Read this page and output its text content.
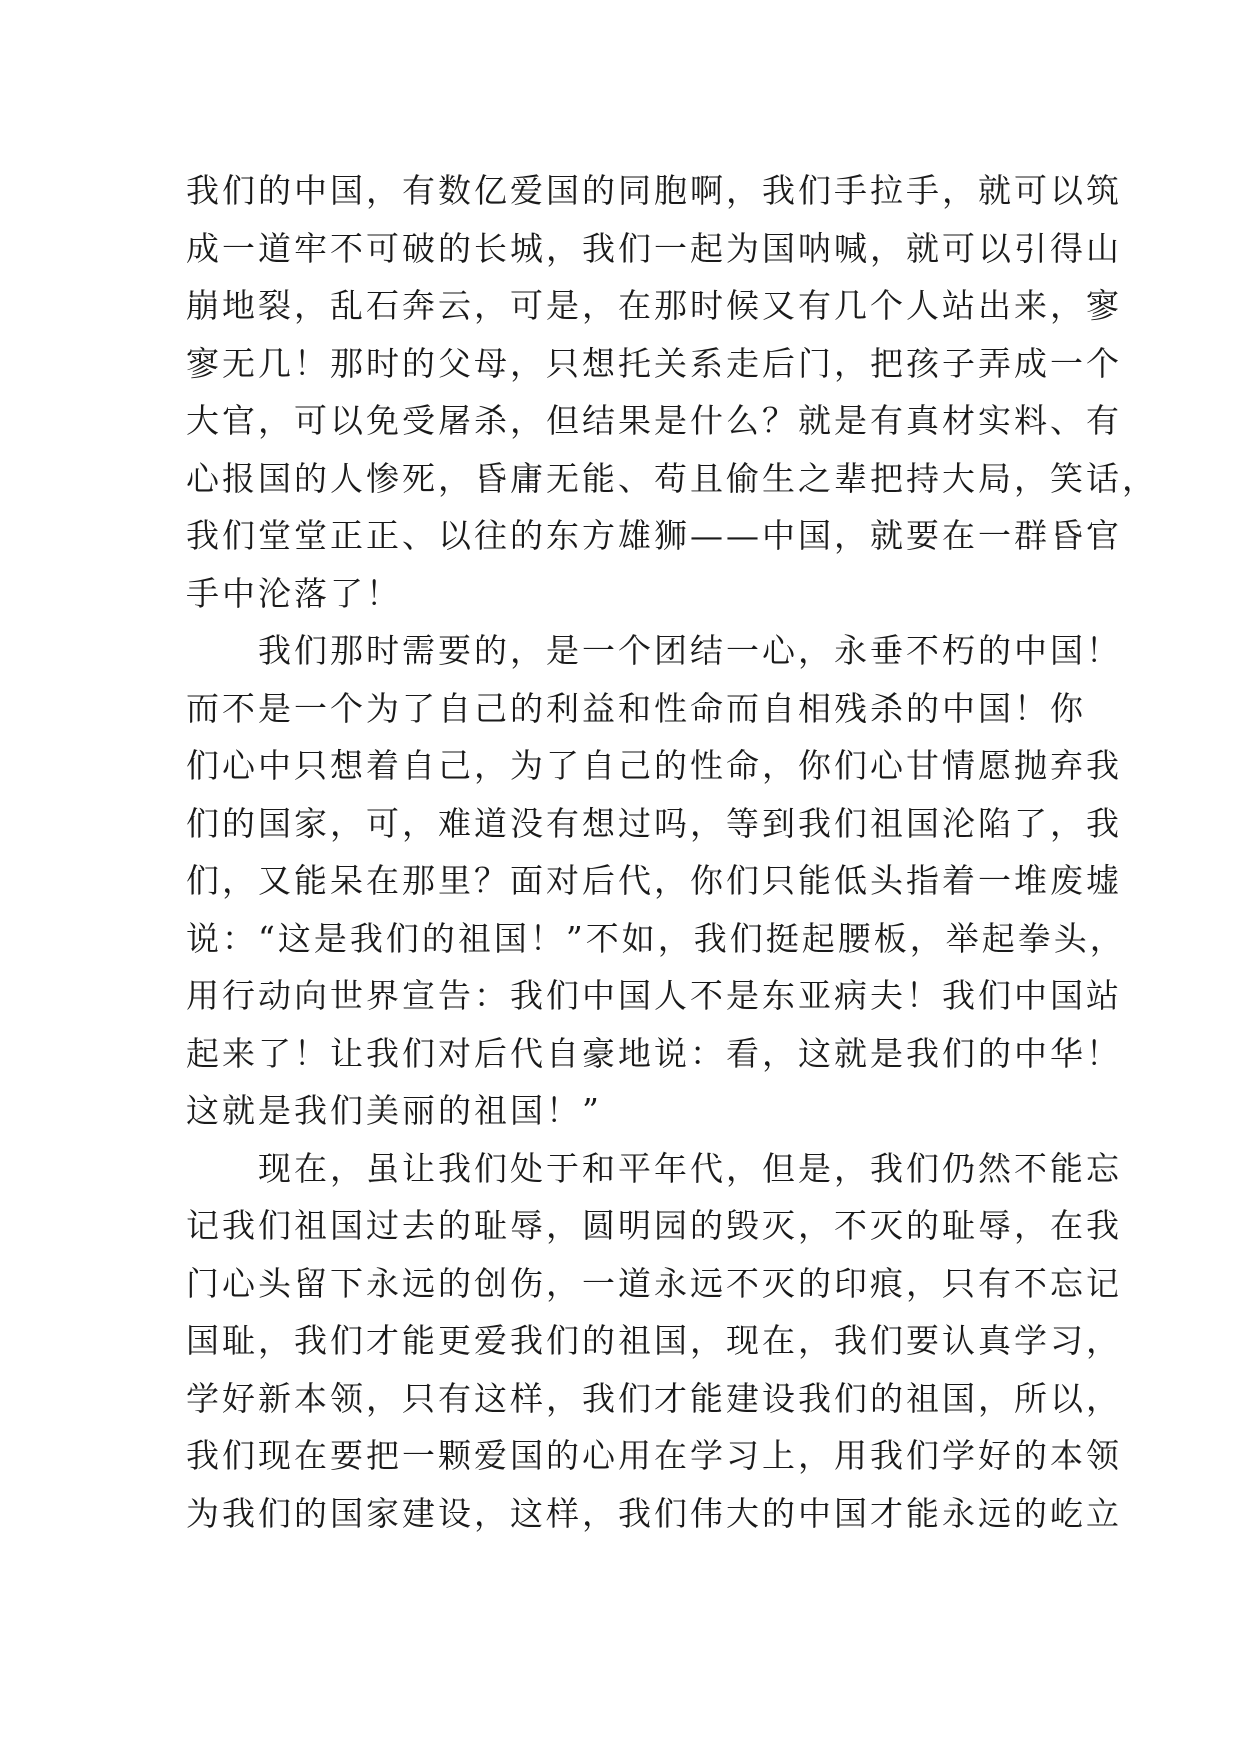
我们的中国，有数亿爱国的同胞啊，我们手拉手，就可以筑
成一道牢不可破的长城，我们一起为国呐喊，就可以引得山
崩地裂，乱石奔云，可是，在那时候又有几个人站出来，寥
寥无几！那时的父母，只想托关系走后门，把孩子弄成一个
大官，可以免受屠杀，但结果是什么？就是有真材实料、有
心报国的人惨死，昏庸无能、苟且偷生之辈把持大局，笑话，
我们堂堂正正、以往的东方雄狮——中国，就要在一群昏官
手中沦落了！
我们那时需要的，是一个团结一心，永垂不朽的中国！
而不是一个为了自己的利益和性命而自相残杀的中国！你
们心中只想着自己，为了自己的性命，你们心甘情愿抛弃我
们的国家，可，难道没有想过吗，等到我们祖国沦陷了，我
们，又能呆在那里？面对后代，你们只能低头指着一堆废墟
说：“这是我们的祖国！”不如，我们挺起腰板，举起拳头，
用行动向世界宣告：我们中国人不是东亚病夫！我们中国站
起来了！让我们对后代自豪地说：看，这就是我们的中华！
这就是我们美丽的祖国！”
现在，虽让我们处于和平年代，但是，我们仍然不能忘
记我们祖国过去的耻辱，圆明园的毁灭，不灭的耻辱，在我
门心头留下永远的创伤，一道永远不灭的印痕，只有不忘记
国耻，我们才能更爱我们的祖国，现在，我们要认真学习，
学好新本领，只有这样，我们才能建设我们的祖国，所以，
我们现在要把一颗爱国的心用在学习上，用我们学好的本领
为我们的国家建设，这样，我们伟大的中国才能永远的屹立
